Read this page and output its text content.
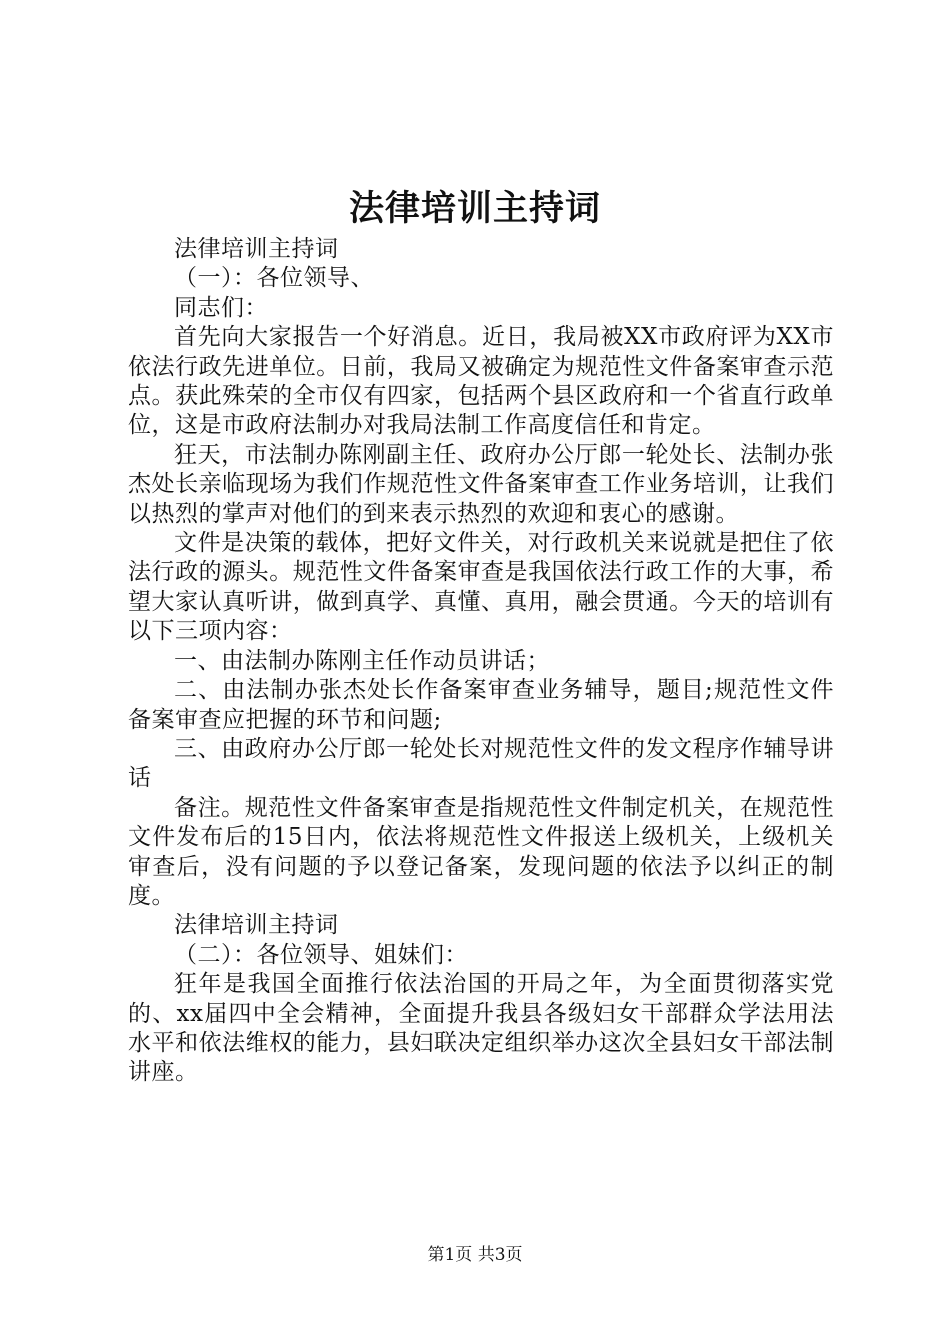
法律培训主持词

法律培训主持词

（一）：各位领导、

同志们：

首先向大家报告一个好消息。近日，我局被XX市政府评为XX市依法行政先进单位。日前，我局又被确定为规范性文件备案审查示范点。获此殊荣的全市仅有四家，包括两个县区政府和一个省直行政单位，这是市政府法制办对我局法制工作高度信任和肯定。

狂天，市法制办陈刚副主任、政府办公厅郎一轮处长、法制办张杰处长亲临现场为我们作规范性文件备案审查工作业务培训，让我们以热烈的掌声对他们的到来表示热烈的欢迎和衷心的感谢。

文件是决策的载体，把好文件关，对行政机关来说就是把住了依法行政的源头。规范性文件备案审查是我国依法行政工作的大事，希望大家认真听讲，做到真学、真懂、真用，融会贯通。今天的培训有以下三项内容：

一、由法制办陈刚主任作动员讲话；

二、由法制办张杰处长作备案审查业务辅导，题目;规范性文件备案审查应把握的环节和问题;

三、由政府办公厅郎一轮处长对规范性文件的发文程序作辅导讲话

备注。规范性文件备案审查是指规范性文件制定机关，在规范性文件发布后的15日内，依法将规范性文件报送上级机关，上级机关审查后，没有问题的予以登记备案，发现问题的依法予以纠正的制度。

法律培训主持词

（二）：各位领导、姐妹们：

狂年是我国全面推行依法治国的开局之年，为全面贯彻落实党的、xx届四中全会精神，全面提升我县各级妇女干部群众学法用法水平和依法维权的能力，县妇联决定组织举办这次全县妇女干部法制讲座。

第1页 共3页
